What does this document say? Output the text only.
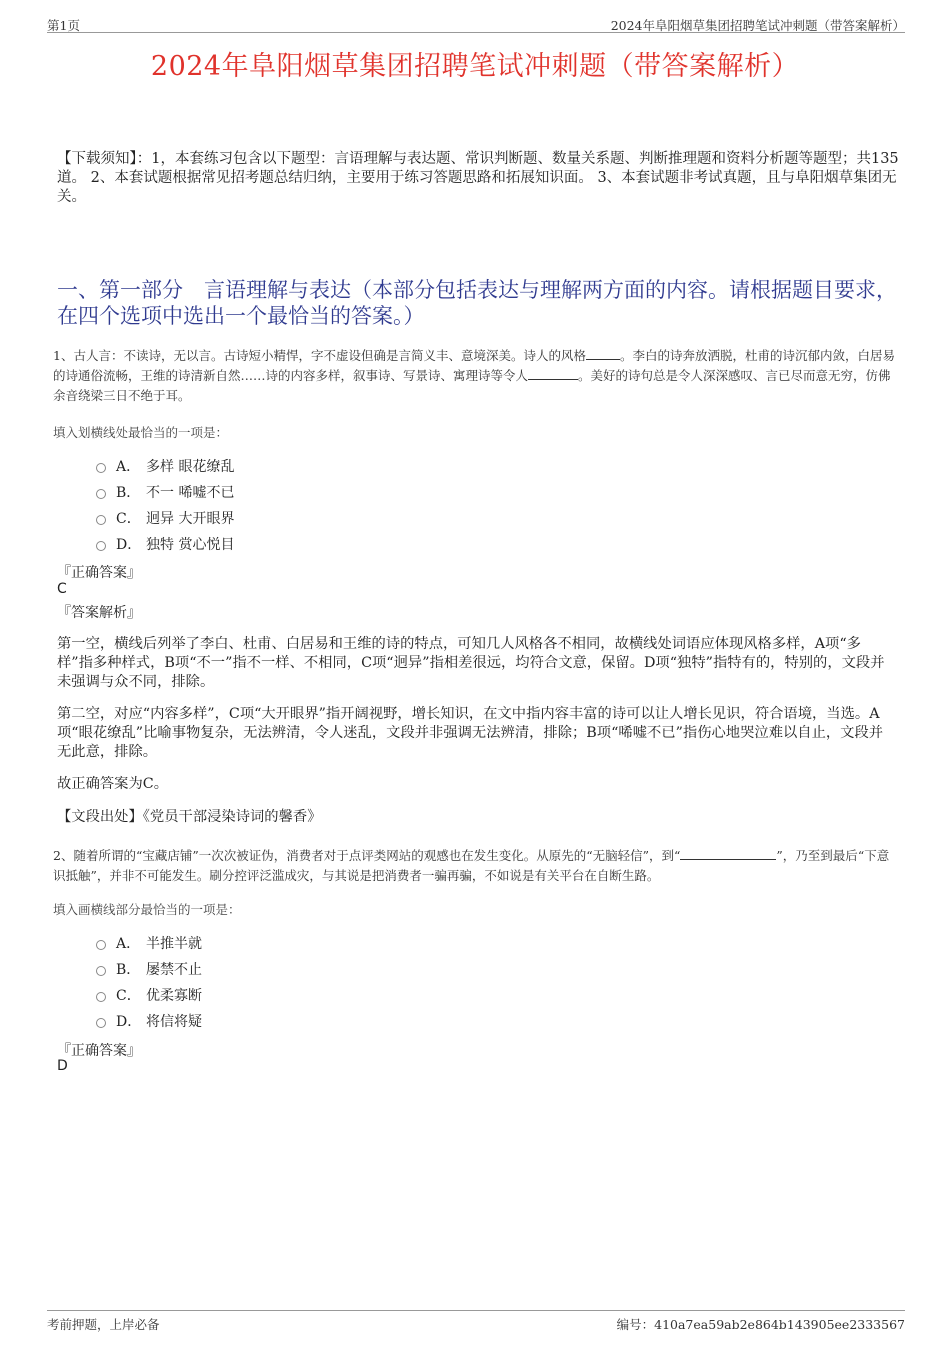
第1页	2024年阜阳烟草集团招聘笔试冲刺题（带答案解析）
2024年阜阳烟草集团招聘笔试冲刺题（带答案解析）
【下载须知】：1，本套练习包含以下题型：言语理解与表达题、常识判断题、数量关系题、判断推理题和资料分析题等题型；共135道。 2、本套试题根据常见招考题总结归纳，主要用于练习答题思路和拓展知识面。 3、本套试题非考试真题，且与阜阳烟草集团无关。
一、第一部分　言语理解与表达（本部分包括表达与理解两方面的内容。请根据题目要求，在四个选项中选出一个最恰当的答案。）
1、古人言：不读诗，无以言。古诗短小精悍，字不虚设但确是言简义丰、意境深美。诗人的风格	。李白的诗奔放洒脱，杜甫的诗沉郁内敛，白居易的诗通俗流畅，王维的诗清新自然……诗的内容多样，叙事诗、写景诗、寓理诗等令人	。美好的诗句总是令人深深感叹、言已尽而意无穷，仿佛余音绕梁三日不绝于耳。
填入划横线处最恰当的一项是：
A． 多样 眼花缭乱
B． 不一 唏嘘不已
C． 迥异 大开眼界
D． 独特 赏心悦目
『正确答案』
C
『答案解析』
第一空，横线后列举了李白、杜甫、白居易和王维的诗的特点，可知几人风格各不相同，故横线处词语应体现风格多样，A项“多样”指多种样式，B项“不一”指不一样、不相同，C项“迥异”指相差很远，均符合文意，保留。D项“独特”指特有的，特别的，文段并未强调与众不同，排除。
第二空，对应“内容多样”，C项“大开眼界”指开阔视野，增长知识，在文中指内容丰富的诗可以让人增长见识，符合语境，当选。A项“眼花缭乱”比喻事物复杂，无法辨清，令人迷乱，文段并非强调无法辨清，排除；B项“唏嘘不已”指伤心地哭泣难以自止，文段并无此意，排除。
故正确答案为C。
【文段出处】《党员干部浸染诗词的馨香》
2、随着所谓的“宝藏店铺”一次次被证伪，消费者对于点评类网站的观感也在发生变化。从原先的“无脑轻信”，到“	”，乃至到最后“下意识抵触”，并非不可能发生。刷分控评泛滥成灾，与其说是把消费者一骗再骗，不如说是有关平台在自断生路。
填入画横线部分最恰当的一项是：
A． 半推半就
B． 屡禁不止
C． 优柔寡断
D． 将信将疑
『正确答案』
D
考前押题，上岸必备	编号：410a7ea59ab2e864b143905ee2333567
